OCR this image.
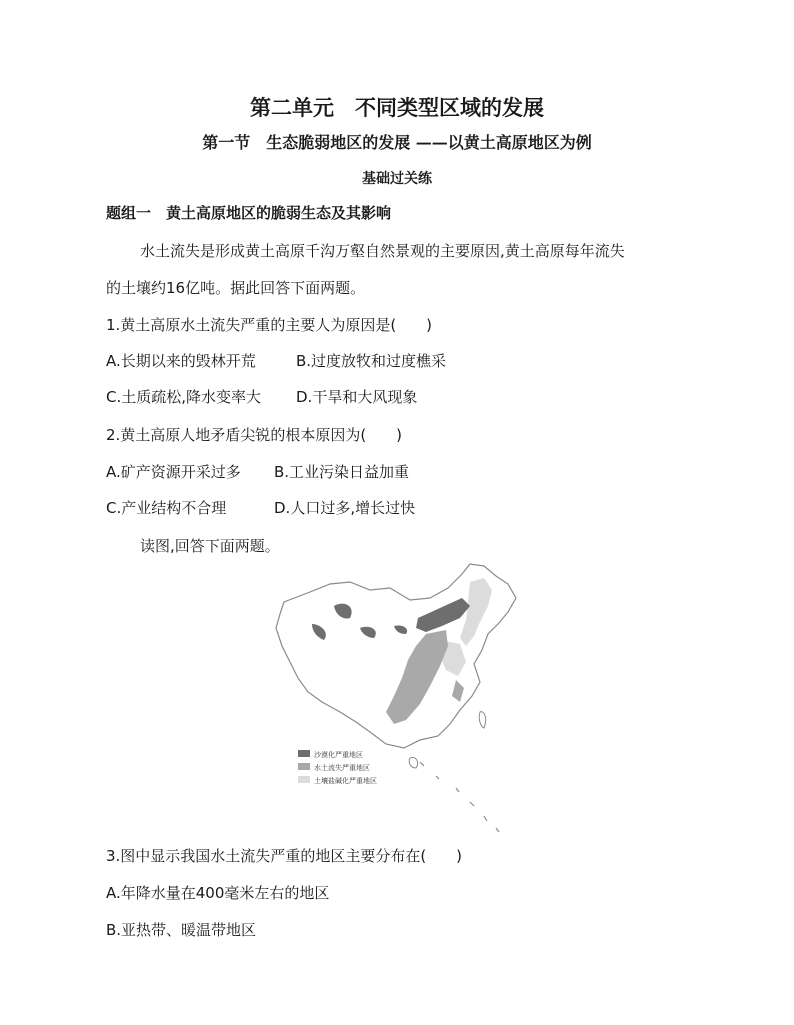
第二单元　不同类型区域的发展
第一节　生态脆弱地区的发展 ——以黄土高原地区为例
基础过关练
题组一　黄土高原地区的脆弱生态及其影响
水土流失是形成黄土高原千沟万壑自然景观的主要原因,黄土高原每年流失
的土壤约16亿吨。据此回答下面两题。
1.黄土高原水土流失严重的主要人为原因是(　　)
A.长期以来的毁林开荒	B.过度放牧和过度樵采
C.土质疏松,降水变率大 D.干旱和大风现象
2.黄土高原人地矛盾尖锐的根本原因为(　　)
A.矿产资源开采过多 B.工业污染日益加重
C.产业结构不合理	D.人口过多,增长过快
读图,回答下面两题。
沙漠化严重地区
水土流失严重地区
土壤盐碱化严重地区
3.图中显示我国水土流失严重的地区主要分布在(　　)
A.年降水量在400毫米左右的地区
B.亚热带、暖温带地区
